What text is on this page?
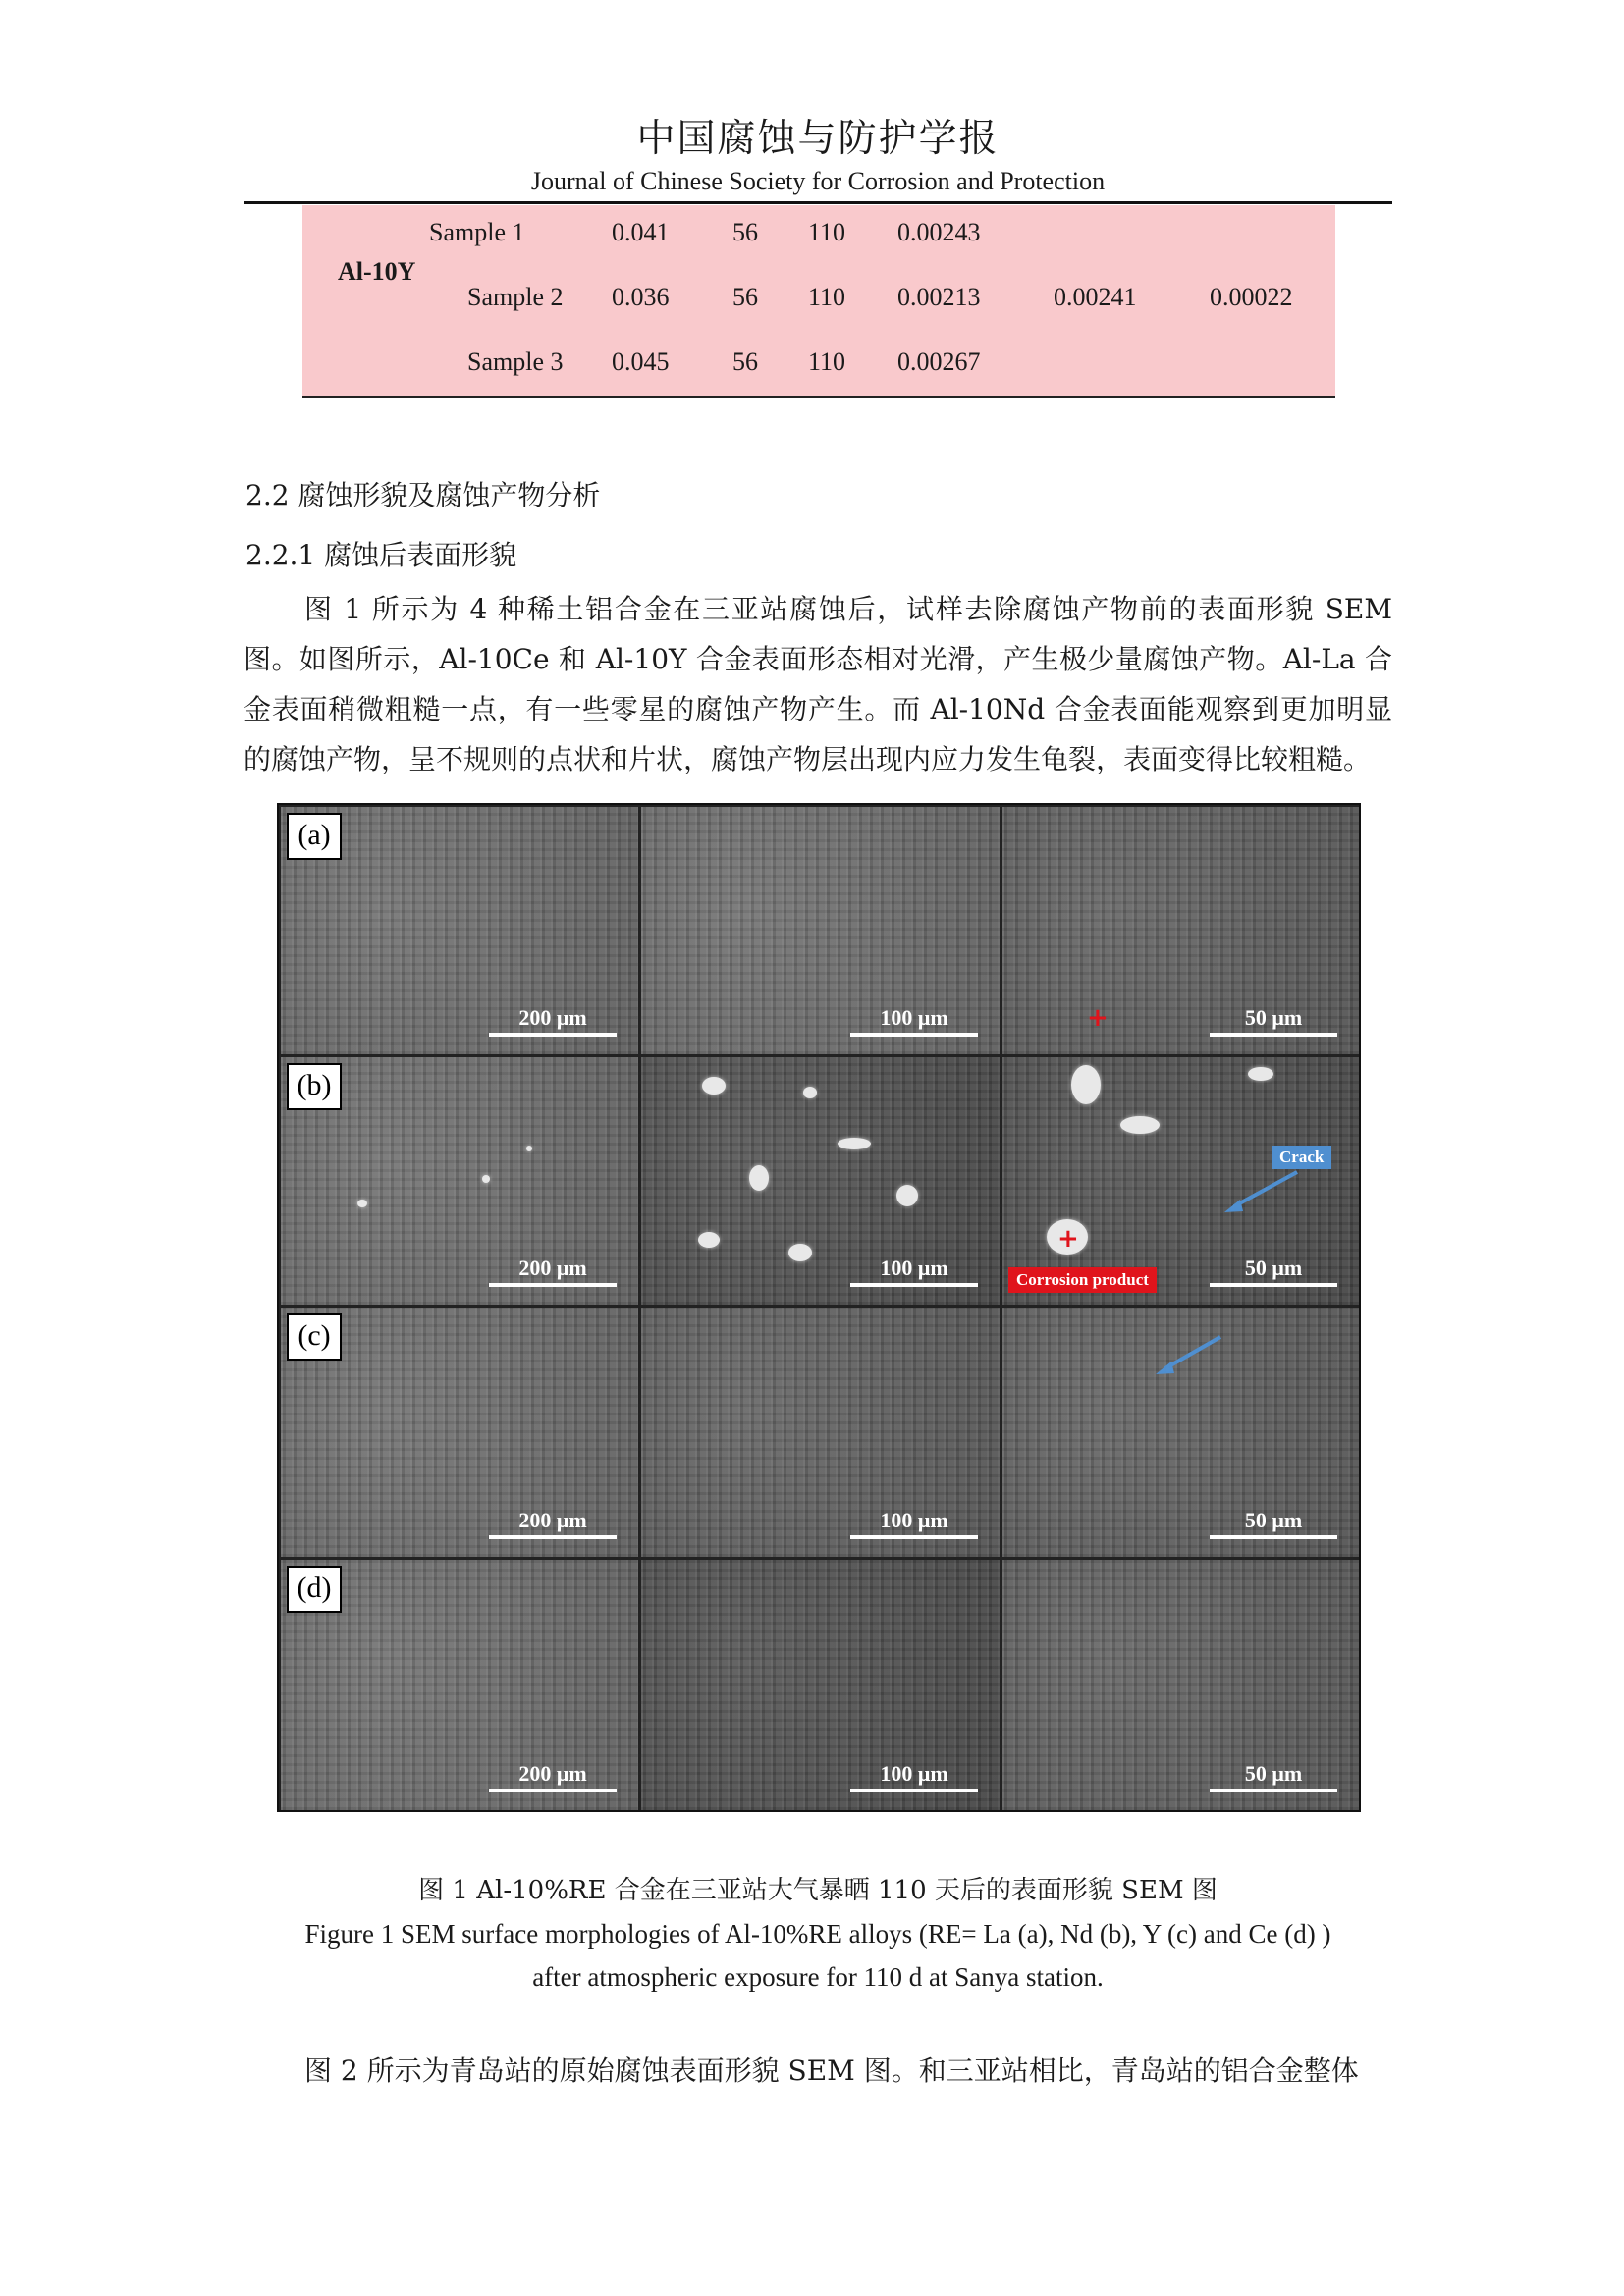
中国腐蚀与防护学报
Journal of Chinese Society for Corrosion and Protection
Al-10Y
Sample 1	0.041 56 110 0.00243
Sample 2 0.036 56 110 0.00213	0.00241	0.00022
Sample 3 0.045 56 110 0.00267
2.2 腐蚀形貌及腐蚀产物分析
2.2.1 腐蚀后表面形貌

图 1 所示为 4 种稀土铝合金在三亚站腐蚀后，试样去除腐蚀产物前的表面形貌 SEM 图。如图所示，Al-10Ce 和 Al-10Y 合金表面形态相对光滑，产生极少量腐蚀产物。Al-La 合金表面稍微粗糙一点，有一些零星的腐蚀产物产生。而 Al-10Nd 合金表面能观察到更加明显的腐蚀产物，呈不规则的点状和片状，腐蚀产物层出现内应力发生龟裂，表面变得比较粗糙。

(a)
200 μm	100 μm	+	50 μm
(b)
200 μm	100 μm
+
Crack
Corrosion product	50 μm
(c)
200 μm	100 μm	50 μm
(d)
200 μm	100 μm	50 μm
图 1 Al-10%RE 合金在三亚站大气暴晒 110 天后的表面形貌 SEM 图
Figure 1 SEM surface morphologies of Al-10%RE alloys (RE= La (a), Nd (b), Y (c) and Ce (d) )
after atmospheric exposure for 110 d at Sanya station.

图 2 所示为青岛站的原始腐蚀表面形貌 SEM 图。和三亚站相比，青岛站的铝合金整体
